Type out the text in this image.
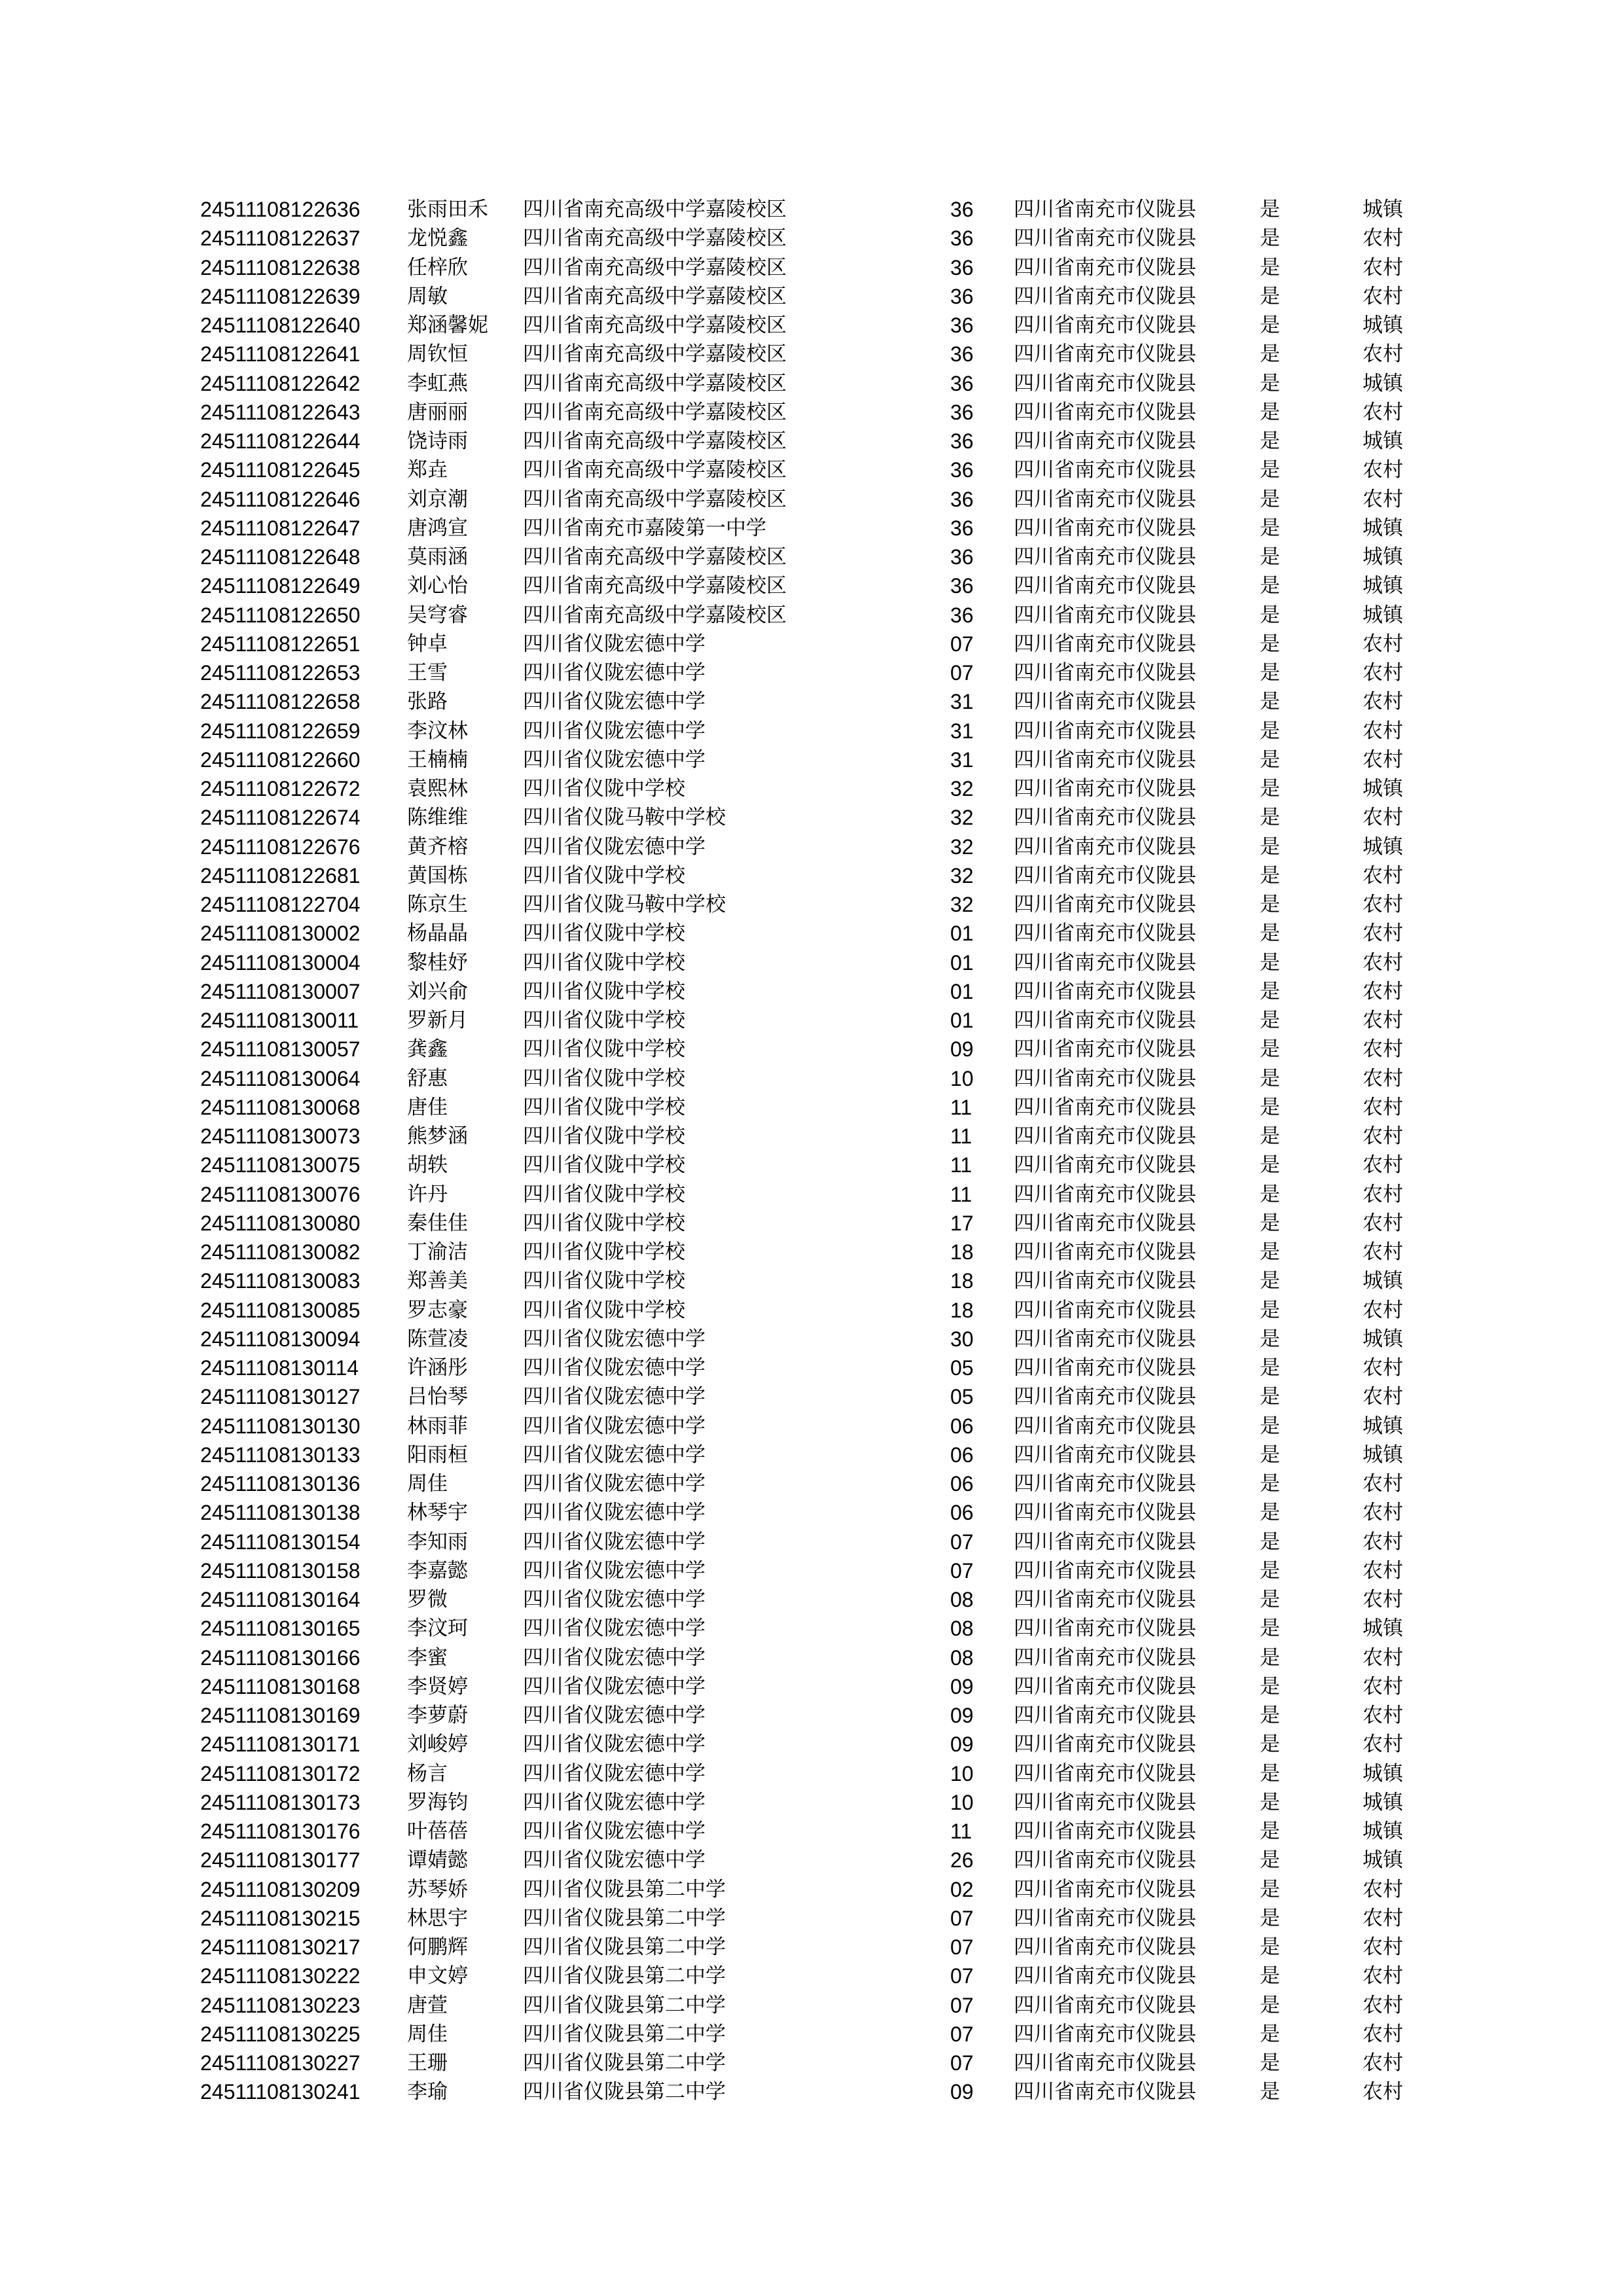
24511108122636	张雨田禾	四川省南充高级中学嘉陵校区	36	四川省南充市仪陇县	是	城镇
24511108122637	龙悦鑫	四川省南充高级中学嘉陵校区	36	四川省南充市仪陇县	是	农村
24511108122638	任梓欣	四川省南充高级中学嘉陵校区	36	四川省南充市仪陇县	是	农村
24511108122639	周敏	四川省南充高级中学嘉陵校区	36	四川省南充市仪陇县	是	农村
24511108122640	郑涵馨妮	四川省南充高级中学嘉陵校区	36	四川省南充市仪陇县	是	城镇
24511108122641	周钦恒	四川省南充高级中学嘉陵校区	36	四川省南充市仪陇县	是	农村
24511108122642	李虹燕	四川省南充高级中学嘉陵校区	36	四川省南充市仪陇县	是	城镇
24511108122643	唐丽丽	四川省南充高级中学嘉陵校区	36	四川省南充市仪陇县	是	农村
24511108122644	饶诗雨	四川省南充高级中学嘉陵校区	36	四川省南充市仪陇县	是	城镇
24511108122645	郑垚	四川省南充高级中学嘉陵校区	36	四川省南充市仪陇县	是	农村
24511108122646	刘京潮	四川省南充高级中学嘉陵校区	36	四川省南充市仪陇县	是	农村
24511108122647	唐鸿宣	四川省南充市嘉陵第一中学	36	四川省南充市仪陇县	是	城镇
24511108122648	莫雨涵	四川省南充高级中学嘉陵校区	36	四川省南充市仪陇县	是	城镇
24511108122649	刘心怡	四川省南充高级中学嘉陵校区	36	四川省南充市仪陇县	是	城镇
24511108122650	吴穹睿	四川省南充高级中学嘉陵校区	36	四川省南充市仪陇县	是	城镇
24511108122651	钟卓	四川省仪陇宏德中学	07	四川省南充市仪陇县	是	农村
24511108122653	王雪	四川省仪陇宏德中学	07	四川省南充市仪陇县	是	农村
24511108122658	张路	四川省仪陇宏德中学	31	四川省南充市仪陇县	是	农村
24511108122659	李汶林	四川省仪陇宏德中学	31	四川省南充市仪陇县	是	农村
24511108122660	王楠楠	四川省仪陇宏德中学	31	四川省南充市仪陇县	是	农村
24511108122672	袁熙林	四川省仪陇中学校	32	四川省南充市仪陇县	是	城镇
24511108122674	陈维维	四川省仪陇马鞍中学校	32	四川省南充市仪陇县	是	农村
24511108122676	黄齐榕	四川省仪陇宏德中学	32	四川省南充市仪陇县	是	城镇
24511108122681	黄国栋	四川省仪陇中学校	32	四川省南充市仪陇县	是	农村
24511108122704	陈京生	四川省仪陇马鞍中学校	32	四川省南充市仪陇县	是	农村
24511108130002	杨晶晶	四川省仪陇中学校	01	四川省南充市仪陇县	是	农村
24511108130004	黎桂妤	四川省仪陇中学校	01	四川省南充市仪陇县	是	农村
24511108130007	刘兴俞	四川省仪陇中学校	01	四川省南充市仪陇县	是	农村
24511108130011	罗新月	四川省仪陇中学校	01	四川省南充市仪陇县	是	农村
24511108130057	龚鑫	四川省仪陇中学校	09	四川省南充市仪陇县	是	农村
24511108130064	舒惠	四川省仪陇中学校	10	四川省南充市仪陇县	是	农村
24511108130068	唐佳	四川省仪陇中学校	11	四川省南充市仪陇县	是	农村
24511108130073	熊梦涵	四川省仪陇中学校	11	四川省南充市仪陇县	是	农村
24511108130075	胡轶	四川省仪陇中学校	11	四川省南充市仪陇县	是	农村
24511108130076	许丹	四川省仪陇中学校	11	四川省南充市仪陇县	是	农村
24511108130080	秦佳佳	四川省仪陇中学校	17	四川省南充市仪陇县	是	农村
24511108130082	丁渝洁	四川省仪陇中学校	18	四川省南充市仪陇县	是	农村
24511108130083	郑善美	四川省仪陇中学校	18	四川省南充市仪陇县	是	城镇
24511108130085	罗志豪	四川省仪陇中学校	18	四川省南充市仪陇县	是	农村
24511108130094	陈萱凌	四川省仪陇宏德中学	30	四川省南充市仪陇县	是	城镇
24511108130114	许涵彤	四川省仪陇宏德中学	05	四川省南充市仪陇县	是	农村
24511108130127	吕怡琴	四川省仪陇宏德中学	05	四川省南充市仪陇县	是	农村
24511108130130	林雨菲	四川省仪陇宏德中学	06	四川省南充市仪陇县	是	城镇
24511108130133	阳雨桓	四川省仪陇宏德中学	06	四川省南充市仪陇县	是	城镇
24511108130136	周佳	四川省仪陇宏德中学	06	四川省南充市仪陇县	是	农村
24511108130138	林琴宇	四川省仪陇宏德中学	06	四川省南充市仪陇县	是	农村
24511108130154	李知雨	四川省仪陇宏德中学	07	四川省南充市仪陇县	是	农村
24511108130158	李嘉懿	四川省仪陇宏德中学	07	四川省南充市仪陇县	是	农村
24511108130164	罗微	四川省仪陇宏德中学	08	四川省南充市仪陇县	是	农村
24511108130165	李汶珂	四川省仪陇宏德中学	08	四川省南充市仪陇县	是	城镇
24511108130166	李蜜	四川省仪陇宏德中学	08	四川省南充市仪陇县	是	农村
24511108130168	李贤婷	四川省仪陇宏德中学	09	四川省南充市仪陇县	是	农村
24511108130169	李萝蔚	四川省仪陇宏德中学	09	四川省南充市仪陇县	是	农村
24511108130171	刘峻婷	四川省仪陇宏德中学	09	四川省南充市仪陇县	是	农村
24511108130172	杨言	四川省仪陇宏德中学	10	四川省南充市仪陇县	是	城镇
24511108130173	罗海钧	四川省仪陇宏德中学	10	四川省南充市仪陇县	是	城镇
24511108130176	叶蓓蓓	四川省仪陇宏德中学	11	四川省南充市仪陇县	是	城镇
24511108130177	谭婧懿	四川省仪陇宏德中学	26	四川省南充市仪陇县	是	城镇
24511108130209	苏琴娇	四川省仪陇县第二中学	02	四川省南充市仪陇县	是	农村
24511108130215	林思宇	四川省仪陇县第二中学	07	四川省南充市仪陇县	是	农村
24511108130217	何鹏辉	四川省仪陇县第二中学	07	四川省南充市仪陇县	是	农村
24511108130222	申文婷	四川省仪陇县第二中学	07	四川省南充市仪陇县	是	农村
24511108130223	唐萱	四川省仪陇县第二中学	07	四川省南充市仪陇县	是	农村
24511108130225	周佳	四川省仪陇县第二中学	07	四川省南充市仪陇县	是	农村
24511108130227	王珊	四川省仪陇县第二中学	07	四川省南充市仪陇县	是	农村
24511108130241	李瑜	四川省仪陇县第二中学	09	四川省南充市仪陇县	是	农村
